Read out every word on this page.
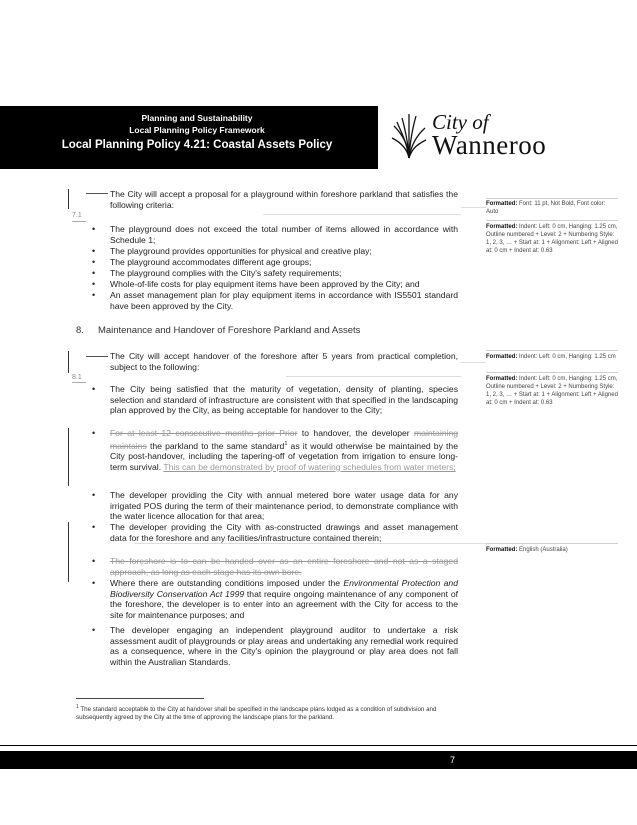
Planning and Sustainability
Local Planning Policy Framework
Local Planning Policy 4.21: Coastal Assets Policy
City of
Wanneroo
7.1
The City will accept a proposal for a playground within foreshore parkland that satisfies the following criteria:
• The playground does not exceed the total number of items allowed in accordance with Schedule 1;
• The playground provides opportunities for physical and creative play;
• The playground accommodates different age groups;
• The playground complies with the City's safety requirements;
• Whole-of-life costs for play equipment items have been approved by the City; and
• An asset management plan for play equipment items in accordance with IS5501 standard have been approved by the City.
8. Maintenance and Handover of Foreshore Parkland and Assets
8.1
The City will accept handover of the foreshore after 5 years from practical completion, subject to the following:
• The City being satisfied that the maturity of vegetation, density of planting, species selection and standard of infrastructure are consistent with that specified in the landscaping plan approved by the City, as being acceptable for handover to the City;
• For at least 12 consecutive months prior Prior to handover, the developer maintaining maintains the parkland to the same standard$^1$ as it would otherwise be maintained by the City post-handover, including the tapering-off of vegetation from irrigation to ensure long-term survival. This can be demonstrated by proof of watering schedules from water meters;
• The developer providing the City with annual metered bore water usage data for any irrigated POS during the term of their maintenance period, to demonstrate compliance with the water licence allocation for that area;
• The developer providing the City with as-constructed drawings and asset management data for the foreshore and any facilities/infrastructure contained therein;
• The foreshore is to can be handed over as an entire foreshore and not as a staged approach, as long as each stage has its own bore.
• Where there are outstanding conditions imposed under the Environmental Protection and Biodiversity Conservation Act 1999 that require ongoing maintenance of any component of the foreshore, the developer is to enter into an agreement with the City for access to the site for maintenance purposes; and
• The developer engaging an independent playground auditor to undertake a risk assessment audit of playgrounds or play areas and undertaking any remedial work required as a consequence, where in the City's opinion the playground or play area does not fall within the Australian Standards.
Formatted: Font: 11 pt, Not Bold, Font color: Auto
Formatted: Indent: Left: 0 cm, Hanging: 1.25 cm, Outline numbered + Level: 2 + Numbering Style: 1, 2, 3, … + Start at: 1 + Alignment: Left + Aligned at: 0 cm + Indent at: 0.63
Formatted: Indent: Left: 0 cm, Hanging: 1.25 cm
Formatted: Indent: Left: 0 cm, Hanging: 1.25 cm, Outline numbered + Level: 2 + Numbering Style: 1, 2, 3, … + Start at: 1 + Alignment: Left + Aligned at: 0 cm + Indent at: 0.63
Formatted: English (Australia)
$^1$ The standard acceptable to the City at handover shall be specified in the landscape plans lodged as a condition of subdivision and subsequently agreed by the City at the time of approving the landscape plans for the parkland.
7
